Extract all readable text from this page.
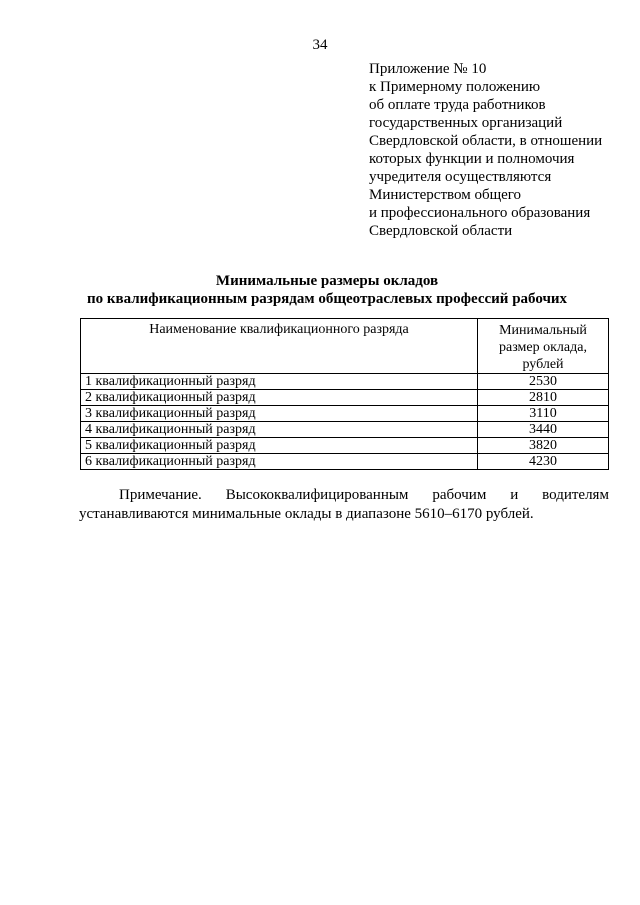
34
Приложение № 10
к Примерному положению
об оплате труда работников
государственных организаций
Свердловской области, в отношении
которых функции и полномочия
учредителя осуществляются
Министерством общего
и профессионального образования
Свердловской области
Минимальные размеры окладов
по квалификационным разрядам общеотраслевых профессий рабочих
Наименование квалификационного разряда	Минимальный
размер оклада,
рублей

1 квалификационный разряд	2530
2 квалификационный разряд	2810
3 квалификационный разряд	3110
4 квалификационный разряд	3440
5 квалификационный разряд	3820
6 квалификационный разряд	4230
Примечание. Высококвалифицированным рабочим и водителям
устанавливаются минимальные оклады в диапазоне 5610–6170 рублей.
